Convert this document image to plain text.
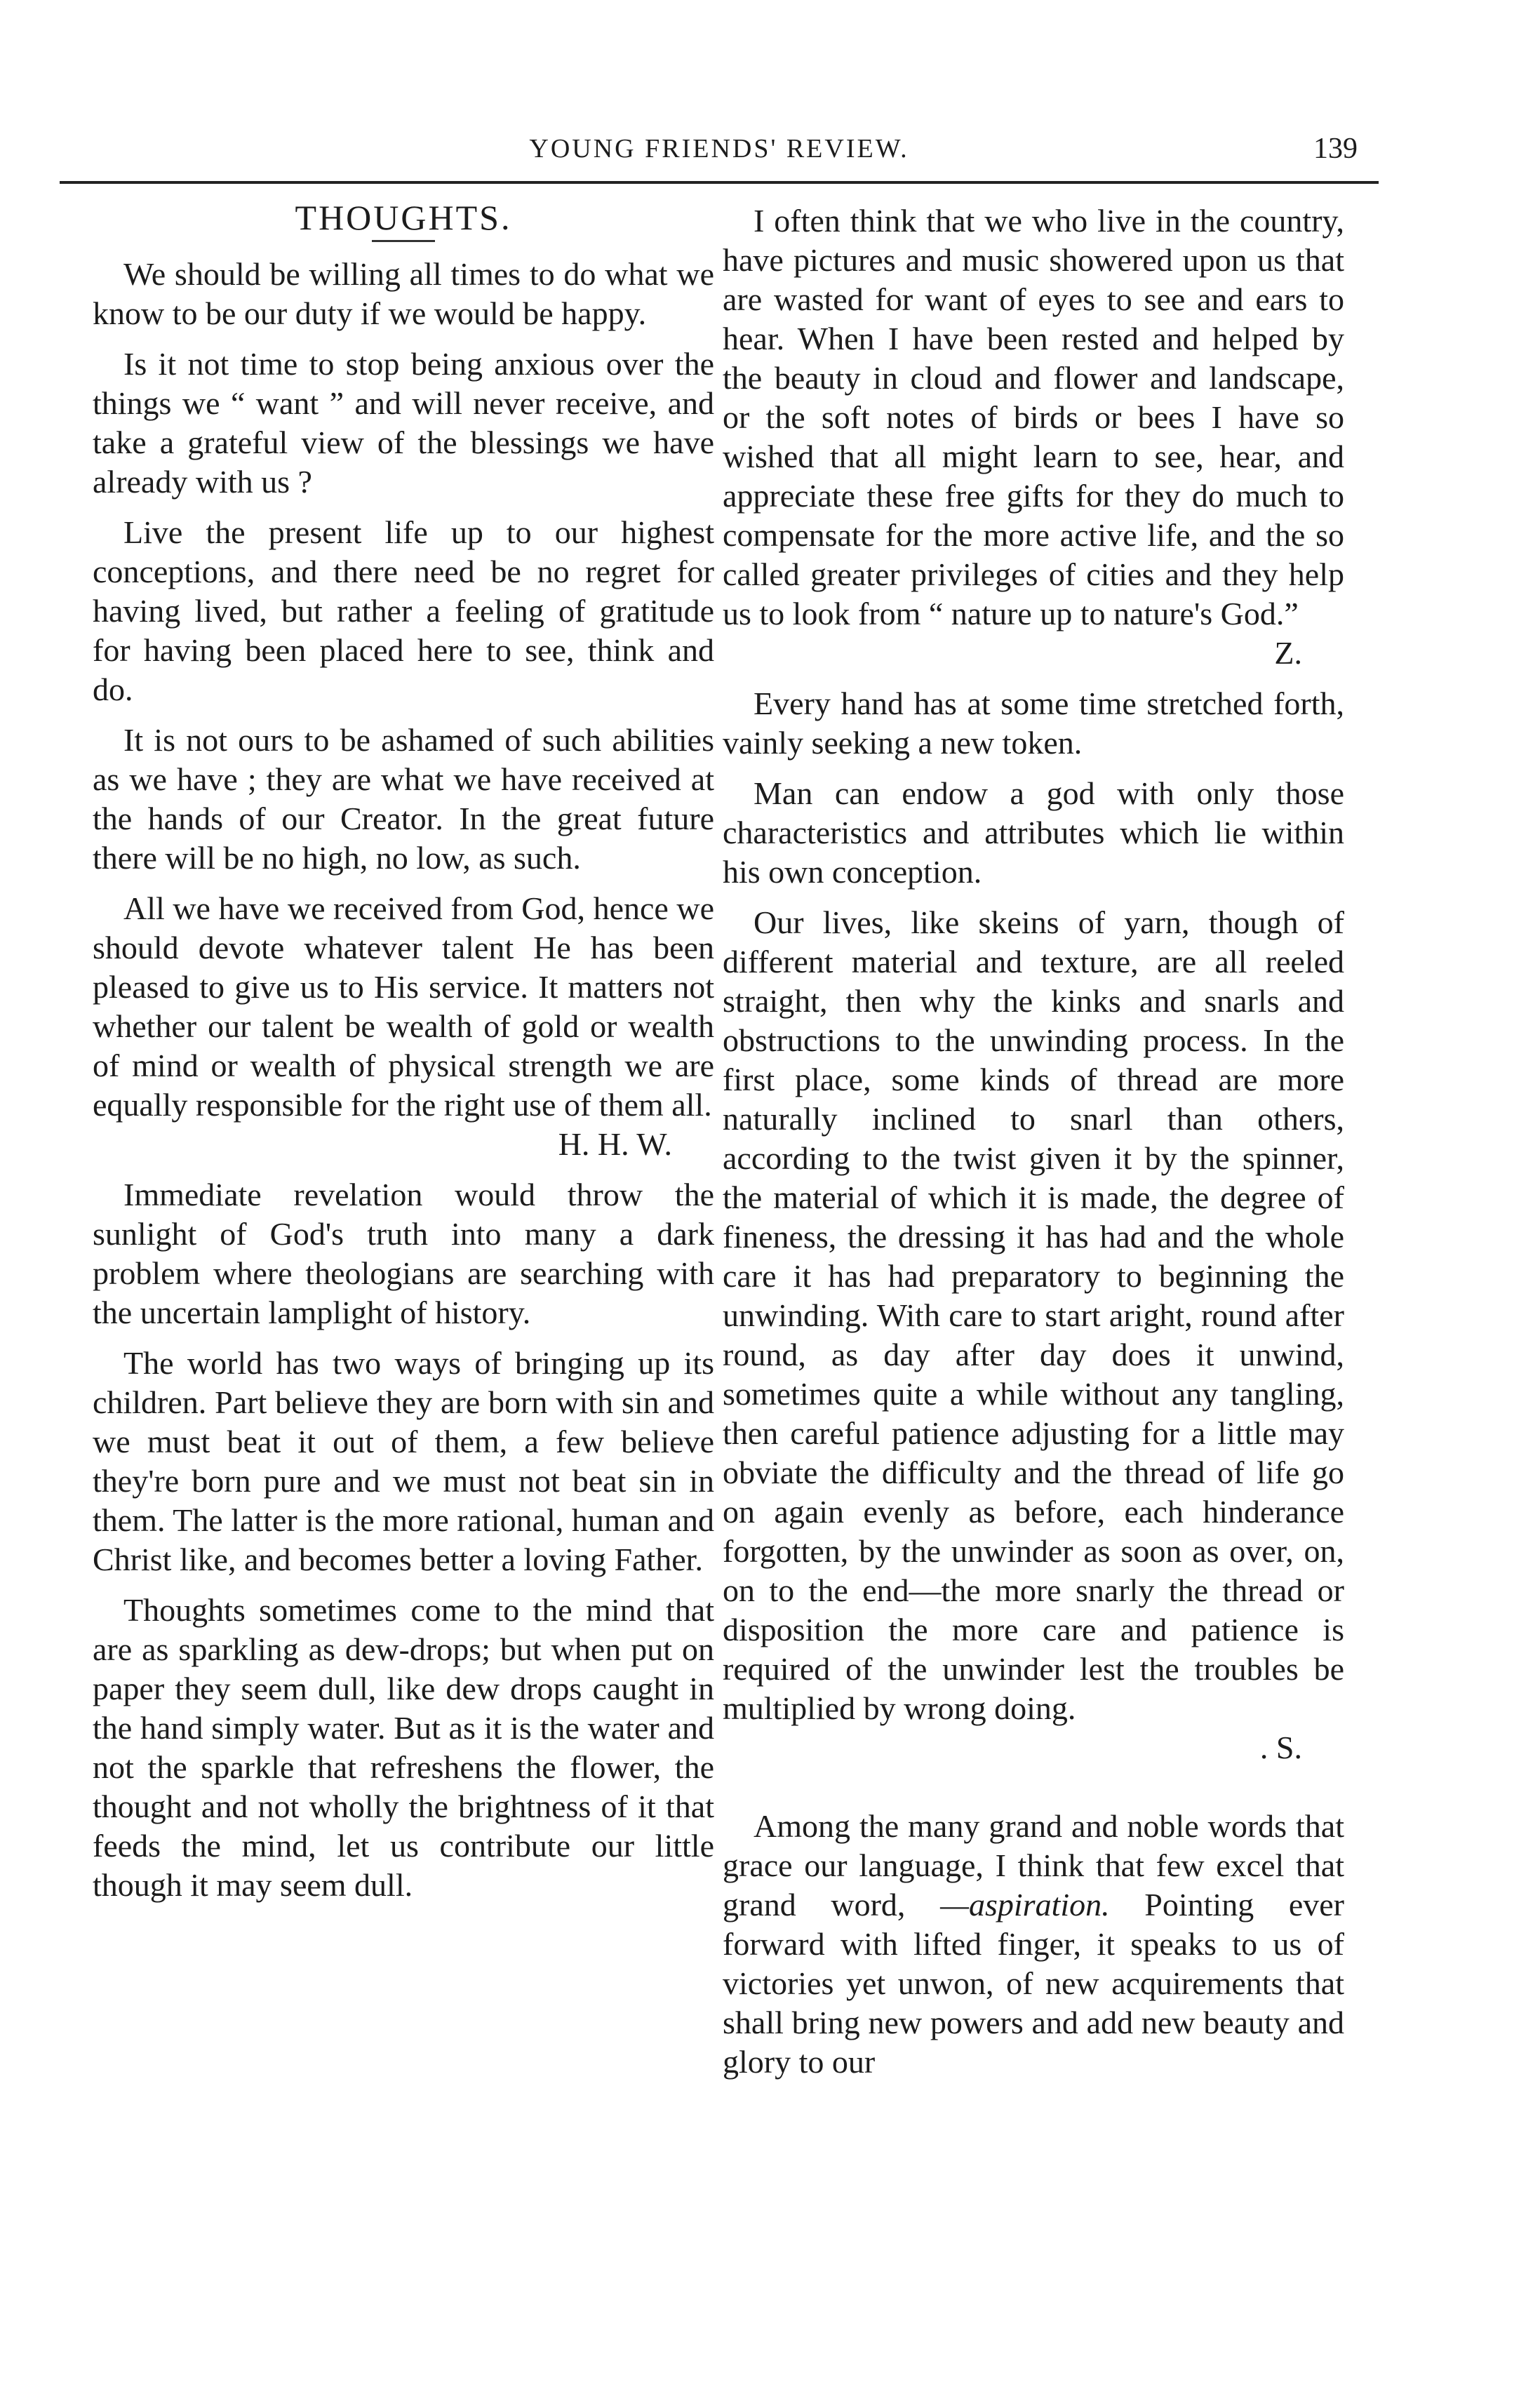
YOUNG FRIENDS' REVIEW.	139
THOUGHTS.

We should be willing all times to do what we know to be our duty if we would be happy.

Is it not time to stop being anxious over the things we “ want ” and will never receive, and take a grateful view of the blessings we have already with us ?

Live the present life up to our highest conceptions, and there need be no regret for having lived, but rather a feeling of gratitude for having been placed here to see, think and do.

It is not ours to be ashamed of such abilities as we have ; they are what we have received at the hands of our Creator. In the great future there will be no high, no low, as such.

All we have we received from God, hence we should devote whatever talent He has been pleased to give us to His service. It matters not whether our talent be wealth of gold or wealth of mind or wealth of physical strength we are equally responsible for the right use of them all.

H. H. W.

Immediate revelation would throw the sunlight of God's truth into many a dark problem where theologians are searching with the uncertain lamplight of history.

The world has two ways of bringing up its children. Part believe they are born with sin and we must beat it out of them, a few believe they're born pure and we must not beat sin in them. The latter is the more rational, human and Christ like, and becomes better a loving Father.

Thoughts sometimes come to the mind that are as sparkling as dew-drops; but when put on paper they seem dull, like dew drops caught in the hand simply water. But as it is the water and not the sparkle that refreshens the flower, the thought and not wholly the brightness of it that feeds the mind, let us contribute our little though it may seem dull.

I often think that we who live in the country, have pictures and music showered upon us that are wasted for want of eyes to see and ears to hear. When I have been rested and helped by the beauty in cloud and flower and landscape, or the soft notes of birds or bees I have so wished that all might learn to see, hear, and appreciate these free gifts for they do much to compensate for the more active life, and the so called greater privileges of cities and they help us to look from “ nature up to nature's God.”

Z.

Every hand has at some time stretched forth, vainly seeking a new token.

Man can endow a god with only those characteristics and attributes which lie within his own conception.

Our lives, like skeins of yarn, though of different material and texture, are all reeled straight, then why the kinks and snarls and obstructions to the unwinding process. In the first place, some kinds of thread are more naturally inclined to snarl than others, according to the twist given it by the spinner, the material of which it is made, the degree of fineness, the dressing it has had and the whole care it has had preparatory to beginning the unwinding. With care to start aright, round after round, as day after day does it unwind, sometimes quite a while without any tangling, then careful patience adjusting for a little may obviate the difficulty and the thread of life go on again evenly as before, each hinderance forgotten, by the unwinder as soon as over, on, on to the end—the more snarly the thread or disposition the more care and patience is required of the unwinder lest the troubles be multiplied by wrong doing.

. S.

Among the many grand and noble words that grace our language, I think that few excel that grand word, —aspiration. Pointing ever forward with lifted finger, it speaks to us of victories yet unwon, of new acquirements that shall bring new powers and add new beauty and glory to our
